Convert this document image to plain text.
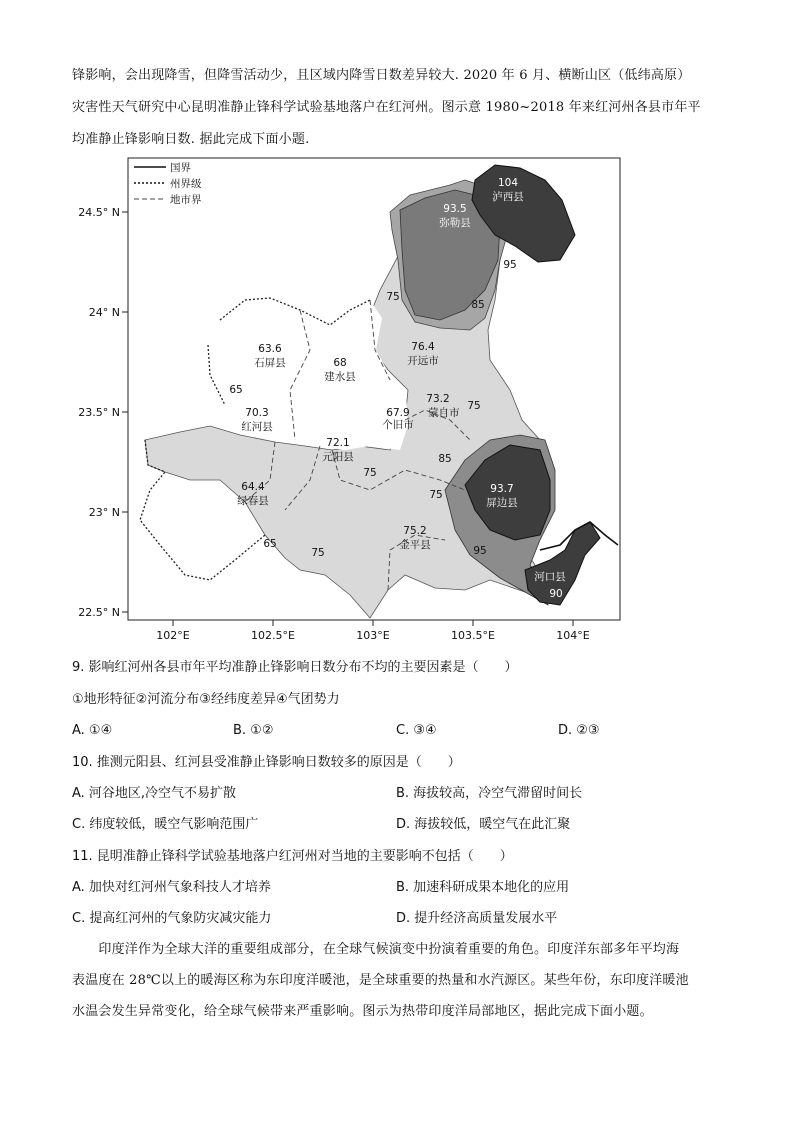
锋影响，会出现降雪，但降雪活动少，且区域内降雪日数差异较大. 2020 年 6 月、横断山区（低纬高原）
灾害性天气研究中心昆明准静止锋科学试验基地落户在红河州。图示意 1980~2018 年来红河州各县市年平
均准静止锋影响日数. 据此完成下面小题.
104
泸西县
93.5
弥勒县
63.6
石屏县	68
建水县
76.4
开远市
73.2
蒙自市
67.9
个旧市
70.3
红河县
72.1
元阳县
64.4
绿春县
93.7
屏边县
75.2
金平县
河口县
90
95
85
75
65
75
75
75
85
95
65
75
国界
州界级
地市界
24.5° N
24° N
23.5° N
23° N
22.5° N
102°E	102.5°E	103°E	103.5°E	104°E
9. 影响红河州各县市年平均准静止锋影响日数分布不均的主要因素是（　　）
①地形特征②河流分布③经纬度差异④气团势力
A. ①④	B. ①②	C. ③④	D. ②③
10. 推测元阳县、红河县受准静止锋影响日数较多的原因是（　　）
A. 河谷地区,冷空气不易扩散	B. 海拔较高，冷空气滞留时间长
C. 纬度较低，暖空气影响范围广	D. 海拔较低，暖空气在此汇聚
11. 昆明准静止锋科学试验基地落户红河州对当地的主要影响不包括（　　）
A. 加快对红河州气象科技人才培养	B. 加速科研成果本地化的应用
C. 提高红河州的气象防灾减灾能力	D. 提升经济高质量发展水平
　　印度洋作为全球大洋的重要组成部分，在全球气候演变中扮演着重要的角色。印度洋东部多年平均海
表温度在 28℃以上的暖海区称为东印度洋暖池，是全球重要的热量和水汽源区。某些年份，东印度洋暖池
水温会发生异常变化，给全球气候带来严重影响。图示为热带印度洋局部地区，据此完成下面小题。
